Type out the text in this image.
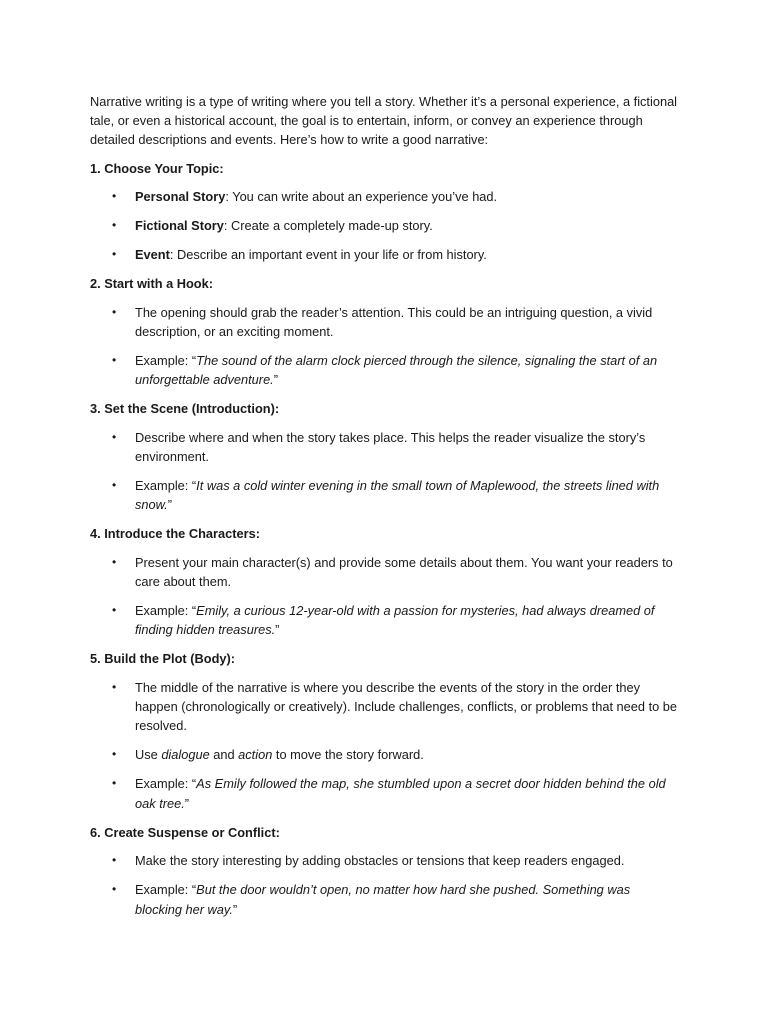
Narrative writing is a type of writing where you tell a story. Whether it’s a personal experience, a fictional tale, or even a historical account, the goal is to entertain, inform, or convey an experience through detailed descriptions and events. Here’s how to write a good narrative:

1. Choose Your Topic:

• Personal Story: You can write about an experience you’ve had.
• Fictional Story: Create a completely made-up story.
• Event: Describe an important event in your life or from history.

2. Start with a Hook:

• The opening should grab the reader’s attention. This could be an intriguing question, a vivid description, or an exciting moment.
• Example: “The sound of the alarm clock pierced through the silence, signaling the start of an unforgettable adventure.”

3. Set the Scene (Introduction):

• Describe where and when the story takes place. This helps the reader visualize the story’s environment.
• Example: “It was a cold winter evening in the small town of Maplewood, the streets lined with snow.”

4. Introduce the Characters:

• Present your main character(s) and provide some details about them. You want your readers to care about them.
• Example: “Emily, a curious 12-year-old with a passion for mysteries, had always dreamed of finding hidden treasures.”

5. Build the Plot (Body):

• The middle of the narrative is where you describe the events of the story in the order they happen (chronologically or creatively). Include challenges, conflicts, or problems that need to be resolved.
• Use dialogue and action to move the story forward.
• Example: “As Emily followed the map, she stumbled upon a secret door hidden behind the old oak tree.”

6. Create Suspense or Conflict:

• Make the story interesting by adding obstacles or tensions that keep readers engaged.
• Example: “But the door wouldn’t open, no matter how hard she pushed. Something was blocking her way.”
